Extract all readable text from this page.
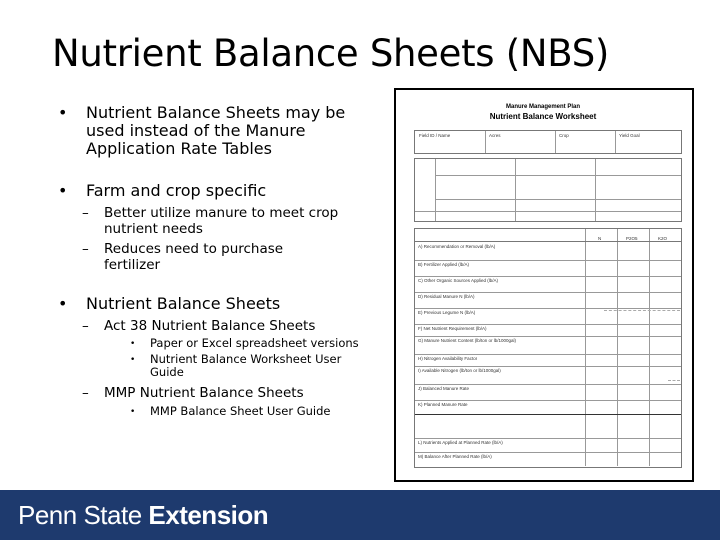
Nutrient Balance Sheets (NBS)
• Nutrient Balance Sheets may be
used instead of the Manure
Application Rate Tables
• Farm and crop specific
– Better utilize manure to meet crop
nutrient needs
– Reduces need to purchase
fertilizer
• Nutrient Balance Sheets
– Act 38 Nutrient Balance Sheets
• Paper or Excel spreadsheet versions
• Nutrient Balance Worksheet User
Guide
– MMP Nutrient Balance Sheets
• MMP Balance Sheet User Guide
Manure Management Plan
Nutrient Balance Worksheet
Field ID / Name	Acres	Crop	Yield Goal
N	P2O5	K2O
A) Recommendation or Removal (lb/A)
B) Fertilizer Applied (lb/A)
C) Other Organic Sources Applied (lb/A)
D) Residual Manure N (lb/A)
E) Previous Legume N (lb/A)
F) Net Nutrient Requirement (lb/A)
G) Manure Nutrient Content (lb/ton or lb/1000gal)
H) Nitrogen Availability Factor
I) Available Nitrogen (lb/ton or lb/1000gal)
J) Balanced Manure Rate
K) Planned Manure Rate
L) Nutrients Applied at Planned Rate (lb/A)
M) Balance After Planned Rate (lb/A)
Penn State Extension
